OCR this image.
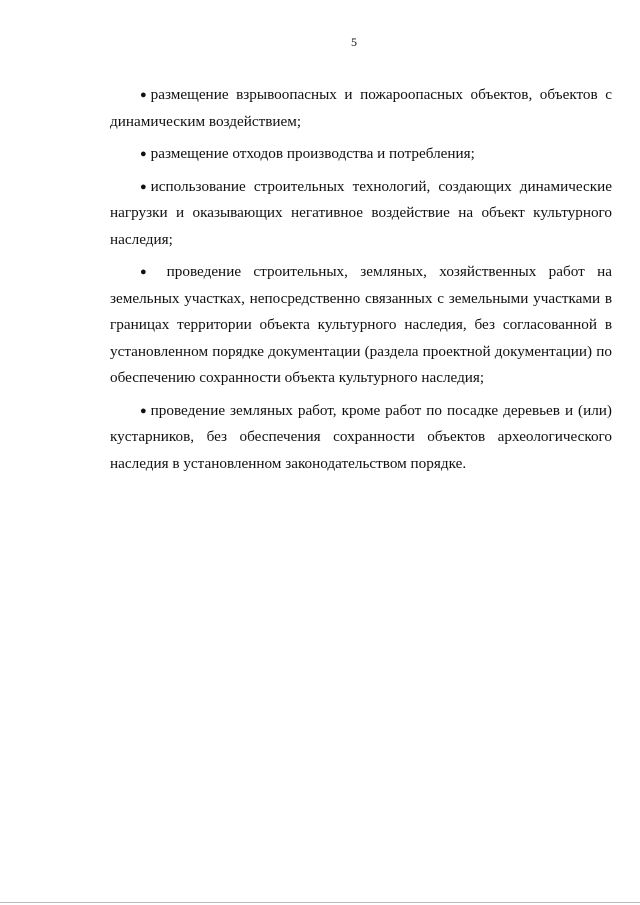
5

● размещение взрывоопасных и пожароопасных объектов, объектов с динамическим воздействием;

● размещение отходов производства и потребления;

● использование строительных технологий, создающих динамические нагрузки и оказывающих негативное воздействие на объект культурного наследия;

● проведение строительных, земляных, хозяйственных работ на земельных участках, непосредственно связанных с земельными участками в границах территории объекта культурного наследия, без согласованной в установленном порядке документации (раздела проектной документации) по обеспечению сохранности объекта культурного наследия;

● проведение земляных работ, кроме работ по посадке деревьев и (или) кустарников, без обеспечения сохранности объектов археологического наследия в установленном законодательством порядке.
